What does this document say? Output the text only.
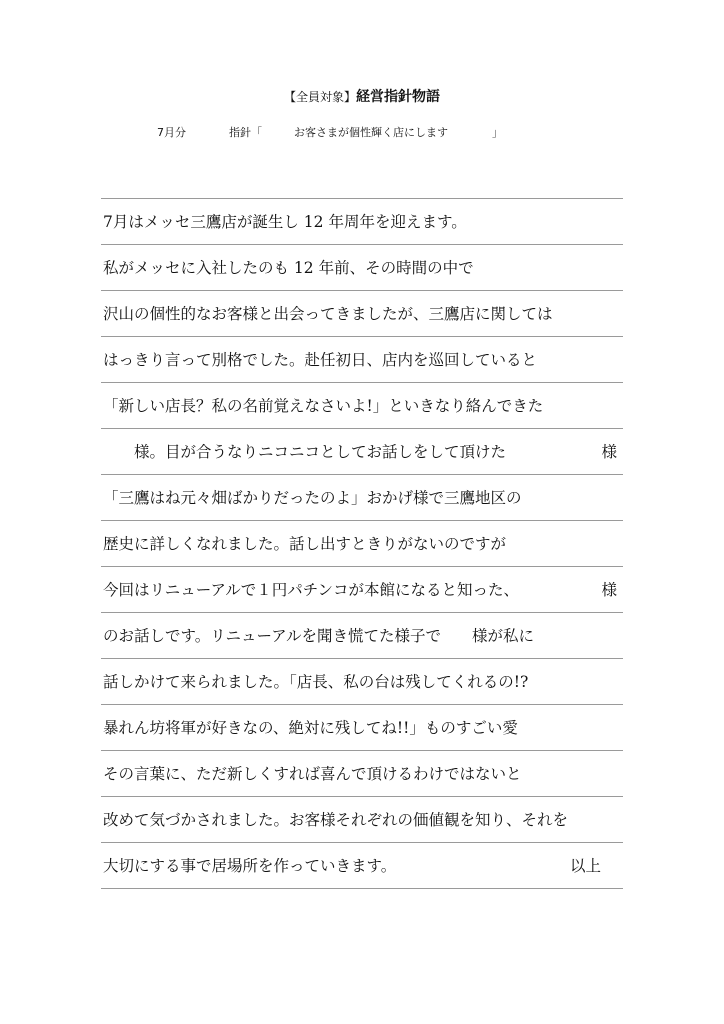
【全員対象】経営指針物語
7月分	指針「	お客さまが個性輝く店にします	」
7月はメッセ三鷹店が誕生し 12 年周年を迎えます。
私がメッセに入社したのも 12 年前、その時間の中で
沢山の個性的なお客様と出会ってきましたが、三鷹店に関しては
はっきり言って別格でした。赴任初日、店内を巡回していると
「新しい店長？私の名前覚えなさいよ!」といきなり絡んできた
様。目が合うなりニコニコとしてお話しをして頂けた	様
「三鷹はね元々畑ばかりだったのよ」おかげ様で三鷹地区の
歴史に詳しくなれました。話し出すときりがないのですが
今回はリニューアルで１円パチンコが本館になると知った、	様
のお話しです。リニューアルを聞き慌てた様子で　　様が私に
話しかけて来られました。「店長、私の台は残してくれるの!?
暴れん坊将軍が好きなの、絶対に残してね!!」ものすごい愛
その言葉に、ただ新しくすれば喜んで頂けるわけではないと
改めて気づかされました。お客様それぞれの価値観を知り、それを
大切にする事で居場所を作っていきます。	以上
